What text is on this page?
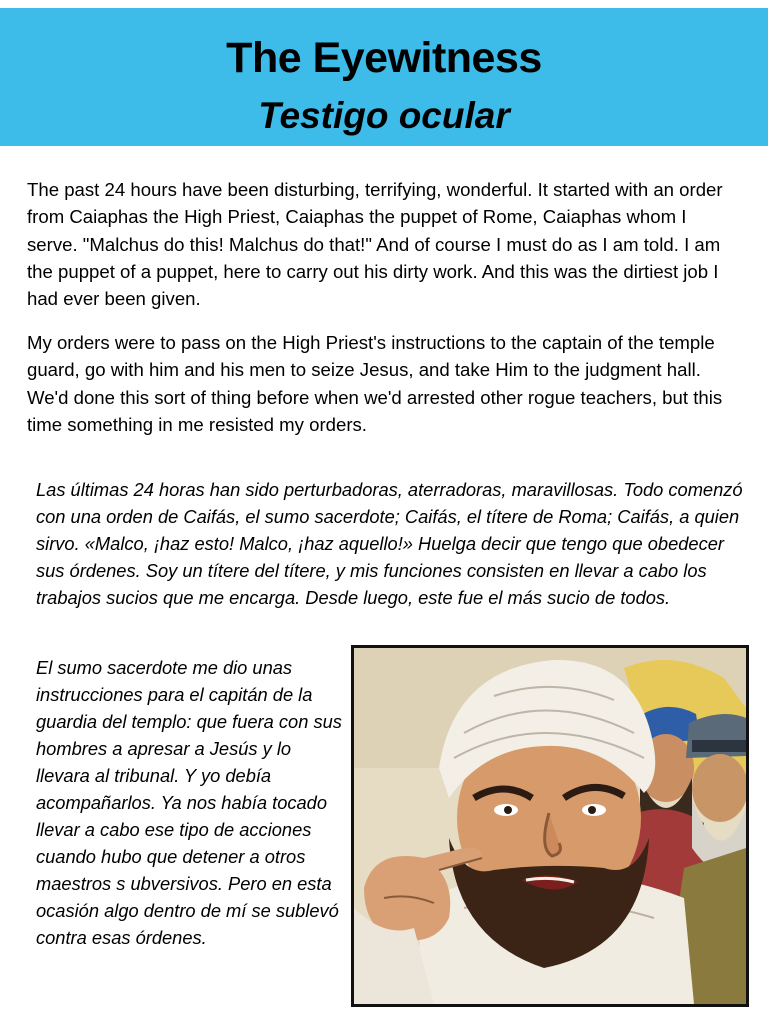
The Eyewitness
Testigo ocular

The past 24 hours have been disturbing, terrifying, wonderful. It started with an order from Caiaphas the High Priest, Caiaphas the puppet of Rome, Caiaphas whom I serve. "Malchus do this! Malchus do that!" And of course I must do as I am told. I am the puppet of a puppet, here to carry out his dirty work. And this was the dirtiest job I had ever been given.

My orders were to pass on the High Priest's instructions to the captain of the temple guard, go with him and his men to seize Jesus, and take Him to the judgment hall. We'd done this sort of thing before when we'd arrested other rogue teachers, but this time something in me resisted my orders.

Las últimas 24 horas han sido perturbadoras, aterradoras, maravillosas. Todo comenzó con una orden de Caifás, el sumo sacerdote; Caifás, el títere de Roma; Caifás, a quien sirvo. «Malco, ¡haz esto! Malco, ¡haz aquello!» Huelga decir que tengo que obedecer sus órdenes. Soy un títere del títere, y mis funciones consisten en llevar a cabo los trabajos sucios que me encarga. Desde luego, este fue el más sucio de todos.

El sumo sacerdote me dio unas instrucciones para el capitán de la guardia del templo: que fuera con sus hombres a apresar a Jesús y lo llevara al tribunal. Y yo debía acompañarlos. Ya nos había tocado llevar a cabo ese tipo de acciones cuando hubo que detener a otros maestros s ubversivos. Pero en esta ocasión algo dentro de mí se sublevó contra esas órdenes.
